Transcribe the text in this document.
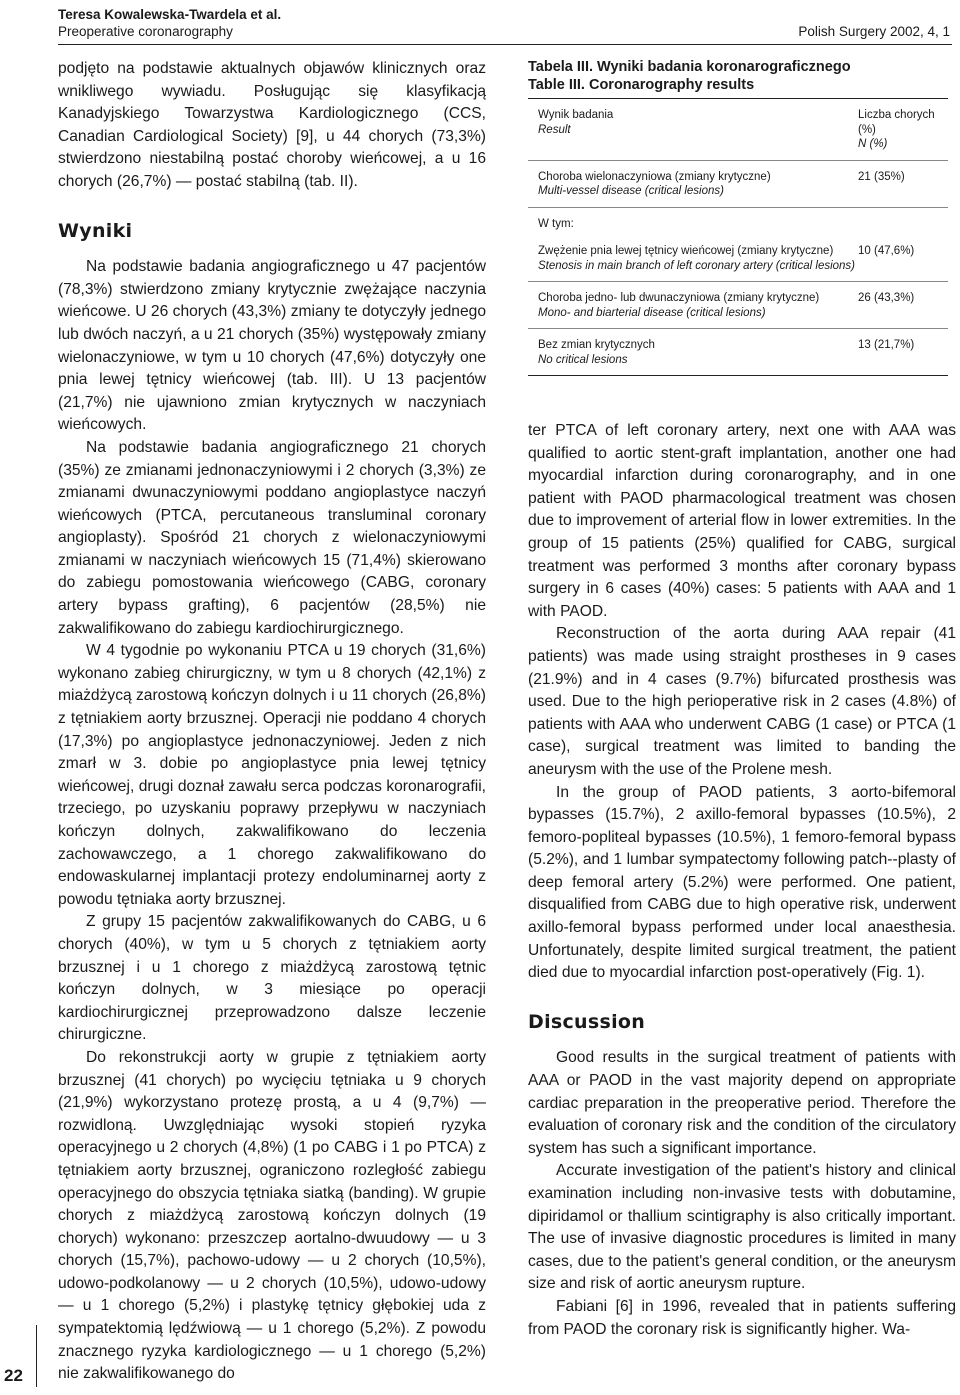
Teresa Kowalewska-Twardela et al.
Preoperative coronarography	Polish Surgery 2002, 4, 1

podjęto na podstawie aktualnych objawów klinicznych oraz wnikliwego wywiadu. Posługując się klasyfikacją Kanadyjskiego Towarzystwa Kardiologicznego (CCS, Canadian Cardiological Society) [9], u 44 chorych (73,3%) stwierdzono niestabilną postać choroby wieńcowej, a u 16 chorych (26,7%) — postać stabilną (tab. II).

Wyniki

Na podstawie badania angiograficznego u 47 pacjentów (78,3%) stwierdzono zmiany krytycznie zwężające naczynia wieńcowe. U 26 chorych (43,3%) zmiany te dotyczyły jednego lub dwóch naczyń, a u 21 chorych (35%) występowały zmiany wielonaczyniowe, w tym u 10 chorych (47,6%) dotyczyły one pnia lewej tętnicy wieńcowej (tab. III). U 13 pacjentów (21,7%) nie ujawniono zmian krytycznych w naczyniach wieńcowych.

Na podstawie badania angiograficznego 21 chorych (35%) ze zmianami jednonaczyniowymi i 2 chorych (3,3%) ze zmianami dwunaczyniowymi poddano angioplastyce naczyń wieńcowych (PTCA, percutaneous transluminal coronary angioplasty). Spośród 21 chorych z wielonaczyniowymi zmianami w naczyniach wieńcowych 15 (71,4%) skierowano do zabiegu pomostowania wieńcowego (CABG, coronary artery bypass grafting), 6 pacjentów (28,5%) nie zakwalifikowano do zabiegu kardiochirurgicznego.

W 4 tygodnie po wykonaniu PTCA u 19 chorych (31,6%) wykonano zabieg chirurgiczny, w tym u 8 chorych (42,1%) z miażdżycą zarostową kończyn dolnych i u 11 chorych (26,8%) z tętniakiem aorty brzusznej. Operacji nie poddano 4 chorych (17,3%) po angioplastyce jednonaczyniowej. Jeden z nich zmarł w 3. dobie po angioplastyce pnia lewej tętnicy wieńcowej, drugi doznał zawału serca podczas koronarografii, trzeciego, po uzyskaniu poprawy przepływu w naczyniach kończyn dolnych, zakwalifikowano do leczenia zachowawczego, a 1 chorego zakwalifikowano do endowaskularnej implantacji protezy endoluminarnej aorty z powodu tętniaka aorty brzusznej.

Z grupy 15 pacjentów zakwalifikowanych do CABG, u 6 chorych (40%), w tym u 5 chorych z tętniakiem aorty brzusznej i u 1 chorego z miażdżycą zarostową tętnic kończyn dolnych, w 3 miesiące po operacji kardiochirurgicznej przeprowadzono dalsze leczenie chirurgiczne.

Do rekonstrukcji aorty w grupie z tętniakiem aorty brzusznej (41 chorych) po wycięciu tętniaka u 9 chorych (21,9%) wykorzystano protezę prostą, a u 4 (9,7%) — rozwidloną. Uwzględniając wysoki stopień ryzyka operacyjnego u 2 chorych (4,8%) (1 po CABG i 1 po PTCA) z tętniakiem aorty brzusznej, ograniczono rozległość zabiegu operacyjnego do obszycia tętniaka siatką (banding). W grupie chorych z miażdżycą zarostową kończyn dolnych (19 chorych) wykonano: przeszczep aortalno-dwuudowy — u 3 chorych (15,7%), pachowo-udowy — u 2 chorych (10,5%), udowo-podkolanowy — u 2 chorych (10,5%), udowo-udowy — u 1 chorego (5,2%) i plastykę tętnicy głębokiej uda z sympatektomią lędźwiową — u 1 chorego (5,2%). Z powodu znacznego ryzyka kardiologicznego — u 1 chorego (5,2%) nie zakwalifikowanego do

22

Tabela III. Wyniki badania koronarograficznego

Table III. Coronarography results

Wynik badania
Result
Liczba chorych (%)
N (%)
Choroba wielonaczyniowa (zmiany krytyczne)
Multi-vessel disease (critical lesions)
21 (35%)
W tym:
Zwężenie pnia lewej tętnicy wieńcowej (zmiany krytyczne)
Stenosis in main branch of left coronary artery (critical lesions)
10 (47,6%)
Choroba jedno- lub dwunaczyniowa (zmiany krytyczne)
Mono- and biarterial disease (critical lesions)
26 (43,3%)
Bez zmian krytycznych
No critical lesions
13 (21,7%)

ter PTCA of left coronary artery, next one with AAA was qualified to aortic stent-graft implantation, another one had myocardial infarction during coronarography, and in one patient with PAOD pharmacological treatment was chosen due to improvement of arterial flow in lower extremities. In the group of 15 patients (25%) qualified for CABG, surgical treatment was performed 3 months after coronary bypass surgery in 6 cases (40%) cases: 5 patients with AAA and 1 with PAOD.

Reconstruction of the aorta during AAA repair (41 patients) was made using straight prostheses in 9 cases (21.9%) and in 4 cases (9.7%) bifurcated prosthesis was used. Due to the high perioperative risk in 2 cases (4.8%) of patients with AAA who underwent CABG (1 case) or PTCA (1 case), surgical treatment was limited to banding the aneurysm with the use of the Prolene mesh.

In the group of PAOD patients, 3 aorto-bifemoral bypasses (15.7%), 2 axillo-femoral bypasses (10.5%), 2 femoro-popliteal bypasses (10.5%), 1 femoro-femoral bypass (5.2%), and 1 lumbar sympatectomy following patch--plasty of deep femoral artery (5.2%) were performed. One patient, disqualified from CABG due to high operative risk, underwent axillo-femoral bypass performed under local anaesthesia. Unfortunately, despite limited surgical treatment, the patient died due to myocardial infarction post-operatively (Fig. 1).

Discussion

Good results in the surgical treatment of patients with AAA or PAOD in the vast majority depend on appropriate cardiac preparation in the preoperative period. Therefore the evaluation of coronary risk and the condition of the circulatory system has such a significant importance.

Accurate investigation of the patient's history and clinical examination including non-invasive tests with dobutamine, dipiridamol or thallium scintigraphy is also critically important. The use of invasive diagnostic procedures is limited in many cases, due to the patient's general condition, or the aneurysm size and risk of aortic aneurysm rupture.

Fabiani [6] in 1996, revealed that in patients suffering from PAOD the coronary risk is significantly higher. Wa-
